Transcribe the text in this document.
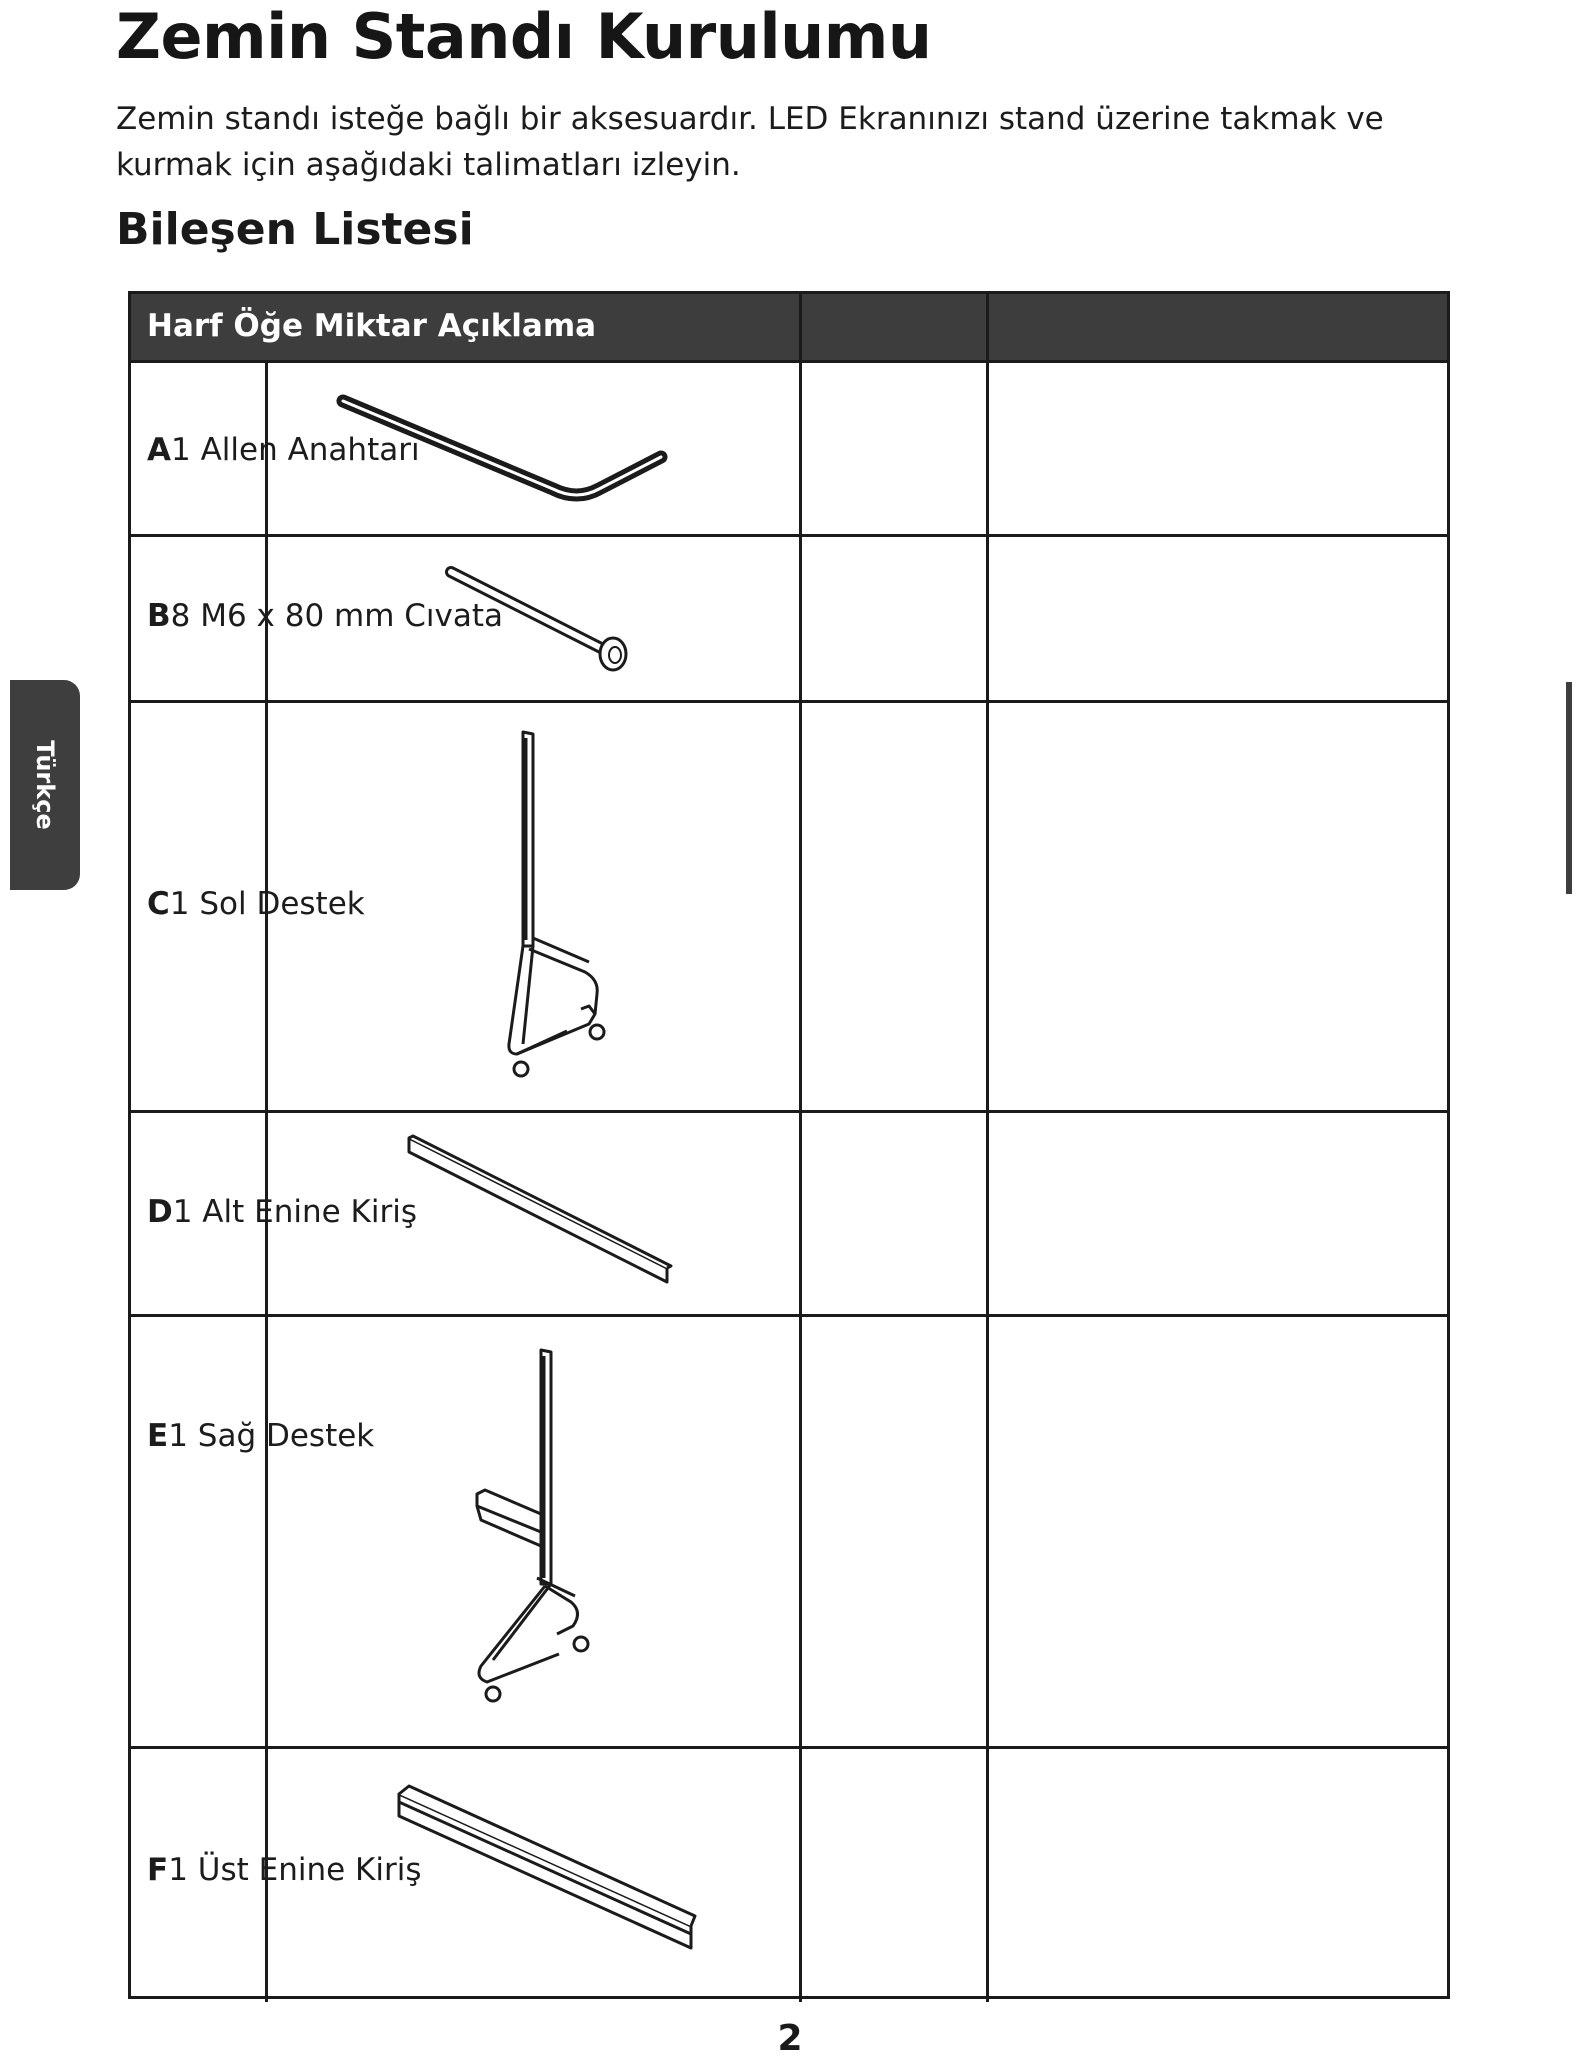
Zemin Standı Kurulumu

Zemin standı isteğe bağlı bir aksesuardır. LED Ekranınızı stand üzerine takmak ve kurmak için aşağıdaki talimatları izleyin.

Bileşen Listesi
Türkçe
Harf Öğe Miktar Açıklama
A1 Allen Anahtarı
B8 M6 x 80 mm Cıvata
C1 Sol Destek
D1 Alt Enine Kiriş
E1 Sağ Destek
F1 Üst Enine Kiriş
2
